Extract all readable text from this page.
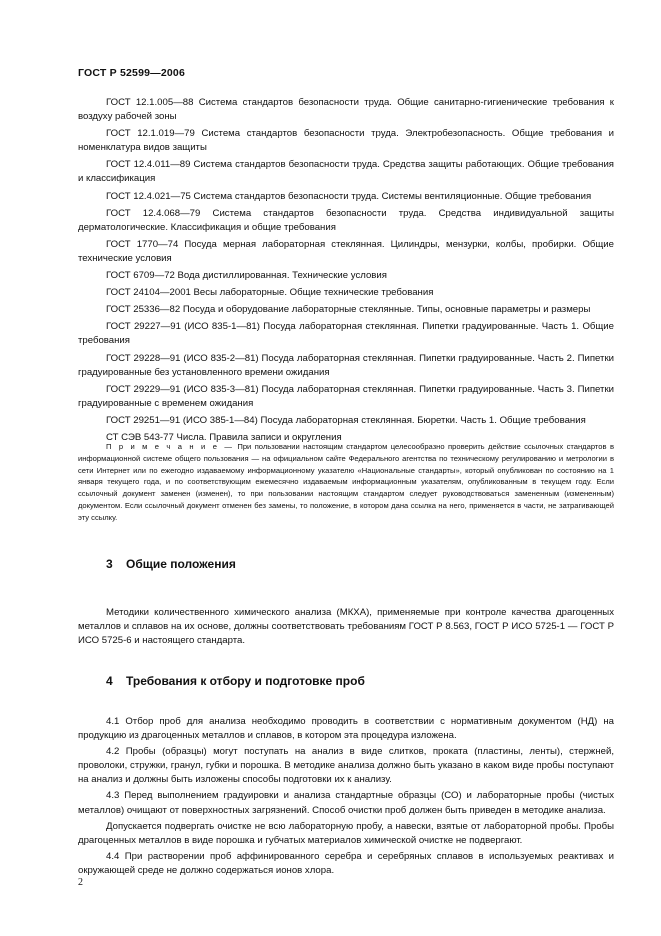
ГОСТ Р 52599—2006

ГОСТ 12.1.005—88 Система стандартов безопасности труда. Общие санитарно-гигиенические требования к воздуху рабочей зоны

ГОСТ 12.1.019—79 Система стандартов безопасности труда. Электробезопасность. Общие требования и номенклатура видов защиты

ГОСТ 12.4.011—89 Система стандартов безопасности труда. Средства защиты работающих. Общие требования и классификация

ГОСТ 12.4.021—75 Система стандартов безопасности труда. Системы вентиляционные. Общие требования

ГОСТ 12.4.068—79 Система стандартов безопасности труда. Средства индивидуальной защиты дерматологические. Классификация и общие требования

ГОСТ 1770—74 Посуда мерная лабораторная стеклянная. Цилиндры, мензурки, колбы, пробирки. Общие технические условия

ГОСТ 6709—72 Вода дистиллированная. Технические условия

ГОСТ 24104—2001 Весы лабораторные. Общие технические требования

ГОСТ 25336—82 Посуда и оборудование лабораторные стеклянные. Типы, основные параметры и размеры

ГОСТ 29227—91 (ИСО 835-1—81) Посуда лабораторная стеклянная. Пипетки градуированные. Часть 1. Общие требования

ГОСТ 29228—91 (ИСО 835-2—81) Посуда лабораторная стеклянная. Пипетки градуированные. Часть 2. Пипетки градуированные без установленного времени ожидания

ГОСТ 29229—91 (ИСО 835-3—81) Посуда лабораторная стеклянная. Пипетки градуированные. Часть 3. Пипетки градуированные с временем ожидания

ГОСТ 29251—91 (ИСО 385-1—84) Посуда лабораторная стеклянная. Бюретки. Часть 1. Общие требования

СТ СЭВ 543-77 Числа. Правила записи и округления

П р и м е ч а н и е — При пользовании настоящим стандартом целесообразно проверить действие ссылочных стандартов в информационной системе общего пользования — на официальном сайте Федерального агентства по техническому регулированию и метрологии в сети Интернет или по ежегодно издаваемому информационному указателю «Национальные стандарты», который опубликован по состоянию на 1 января текущего года, и по соответствующим ежемесячно издаваемым информационным указателям, опубликованным в текущем году. Если ссылочный документ заменен (изменен), то при пользовании настоящим стандартом следует руководствоваться замененным (измененным) документом. Если ссылочный документ отменен без замены, то положение, в котором дана ссылка на него, применяется в части, не затрагивающей эту ссылку.

3 Общие положения

Методики количественного химического анализа (МКХА), применяемые при контроле качества драгоценных металлов и сплавов на их основе, должны соответствовать требованиям ГОСТ Р 8.563, ГОСТ Р ИСО 5725-1 — ГОСТ Р ИСО 5725-6 и настоящего стандарта.

4 Требования к отбору и подготовке проб

4.1 Отбор проб для анализа необходимо проводить в соответствии с нормативным документом (НД) на продукцию из драгоценных металлов и сплавов, в котором эта процедура изложена.

4.2 Пробы (образцы) могут поступать на анализ в виде слитков, проката (пластины, ленты), стержней, проволоки, стружки, гранул, губки и порошка. В методике анализа должно быть указано в каком виде пробы поступают на анализ и должны быть изложены способы подготовки их к анализу.

4.3 Перед выполнением градуировки и анализа стандартные образцы (СО) и лабораторные пробы (чистых металлов) очищают от поверхностных загрязнений. Способ очистки проб должен быть приведен в методике анализа.

Допускается подвергать очистке не всю лабораторную пробу, а навески, взятые от лабораторной пробы. Пробы драгоценных металлов в виде порошка и губчатых материалов химической очистке не подвергают.

4.4 При растворении проб аффинированного серебра и серебряных сплавов в используемых реактивах и окружающей среде не должно содержаться ионов хлора.

2
